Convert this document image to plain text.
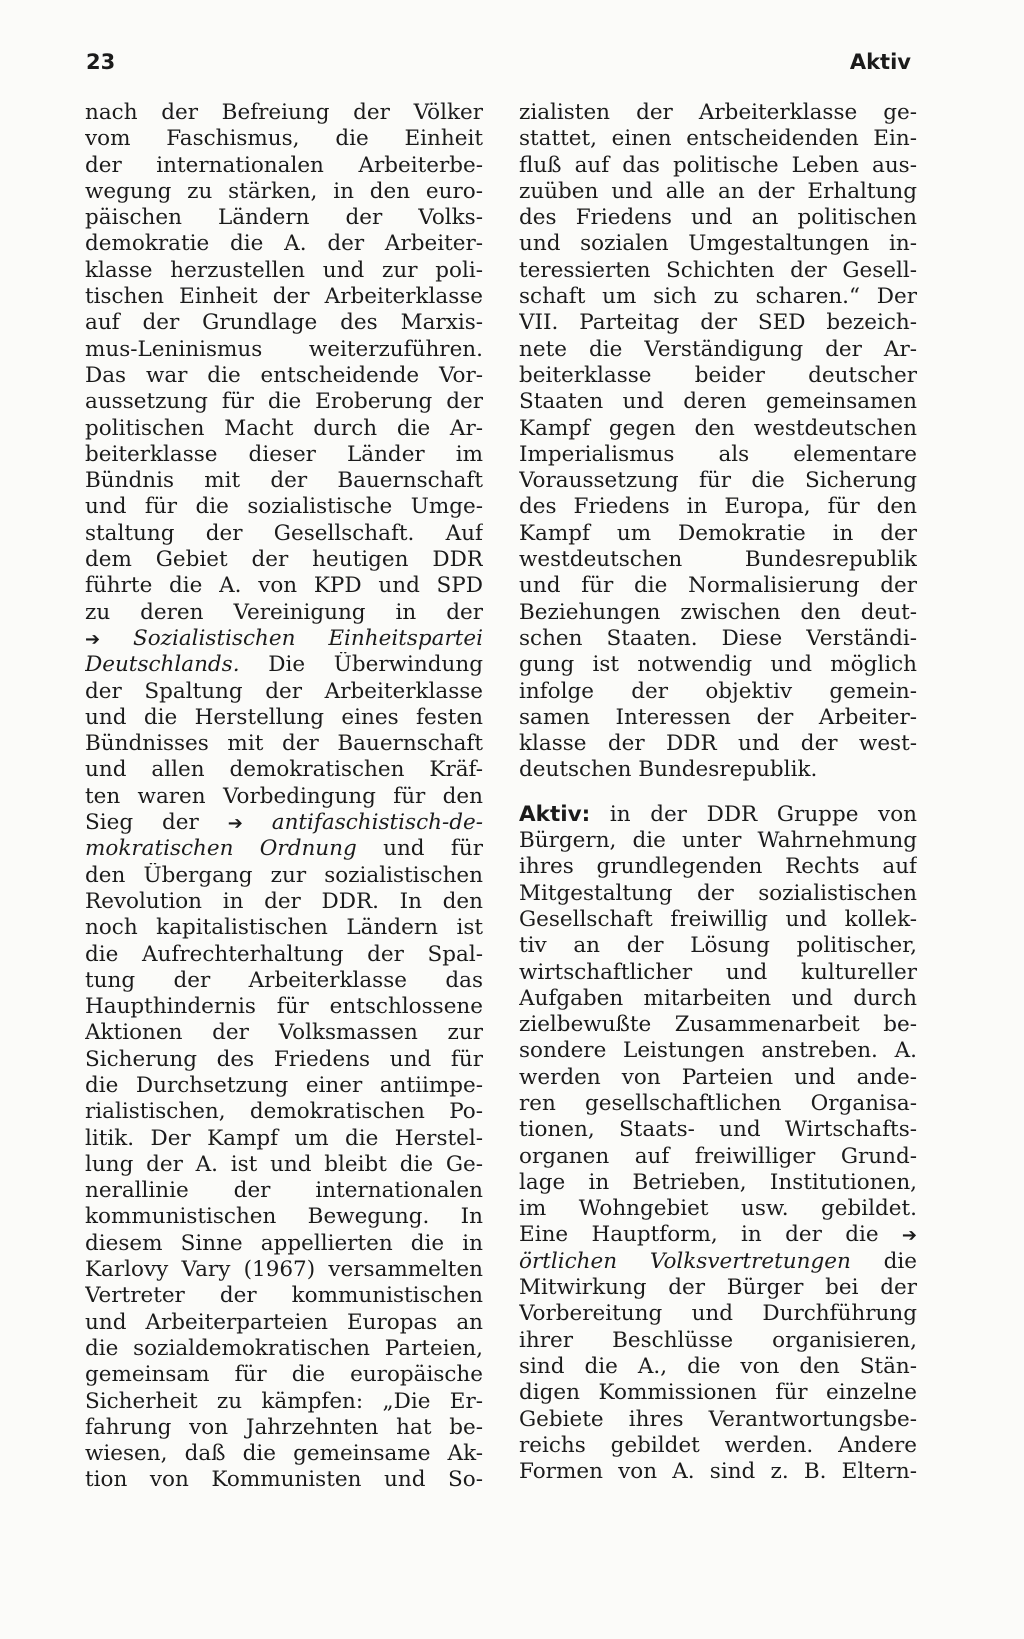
23	Aktiv
nach der Befreiung der Völker
vom Faschismus, die Einheit
der internationalen Arbeiterbe-
wegung zu stärken, in den euro-
päischen Ländern der Volks-
demokratie die A. der Arbeiter-
klasse herzustellen und zur poli-
tischen Einheit der Arbeiterklasse
auf der Grundlage des Marxis-
mus-Leninismus weiterzuführen.
Das war die entscheidende Vor-
aussetzung für die Eroberung der
politischen Macht durch die Ar-
beiterklasse dieser Länder im
Bündnis mit der Bauernschaft
und für die sozialistische Umge-
staltung der Gesellschaft. Auf
dem Gebiet der heutigen DDR
führte die A. von KPD und SPD
zu deren Vereinigung in der
➔ Sozialistischen Einheitspartei
Deutschlands. Die Überwindung
der Spaltung der Arbeiterklasse
und die Herstellung eines festen
Bündnisses mit der Bauernschaft
und allen demokratischen Kräf-
ten waren Vorbedingung für den
Sieg der ➔ antifaschistisch-de-
mokratischen Ordnung und für
den Übergang zur sozialistischen
Revolution in der DDR. In den
noch kapitalistischen Ländern ist
die Aufrechterhaltung der Spal-
tung der Arbeiterklasse das
Haupthindernis für entschlossene
Aktionen der Volksmassen zur
Sicherung des Friedens und für
die Durchsetzung einer antiimpe-
rialistischen, demokratischen Po-
litik. Der Kampf um die Herstel-
lung der A. ist und bleibt die Ge-
nerallinie der internationalen
kommunistischen Bewegung. In
diesem Sinne appellierten die in
Karlovy Vary (1967) versammelten
Vertreter der kommunistischen
und Arbeiterparteien Europas an
die sozialdemokratischen Parteien,
gemeinsam für die europäische
Sicherheit zu kämpfen: „Die Er-
fahrung von Jahrzehnten hat be-
wiesen, daß die gemeinsame Ak-
tion von Kommunisten und So-
zialisten der Arbeiterklasse ge-
stattet, einen entscheidenden Ein-
fluß auf das politische Leben aus-
zuüben und alle an der Erhaltung
des Friedens und an politischen
und sozialen Umgestaltungen in-
teressierten Schichten der Gesell-
schaft um sich zu scharen.“ Der
VII. Parteitag der SED bezeich-
nete die Verständigung der Ar-
beiterklasse beider deutscher
Staaten und deren gemeinsamen
Kampf gegen den westdeutschen
Imperialismus als elementare
Voraussetzung für die Sicherung
des Friedens in Europa, für den
Kampf um Demokratie in der
westdeutschen Bundesrepublik
und für die Normalisierung der
Beziehungen zwischen den deut-
schen Staaten. Diese Verständi-
gung ist notwendig und möglich
infolge der objektiv gemein-
samen Interessen der Arbeiter-
klasse der DDR und der west-
deutschen Bundesrepublik.
Aktiv: in der DDR Gruppe von
Bürgern, die unter Wahrnehmung
ihres grundlegenden Rechts auf
Mitgestaltung der sozialistischen
Gesellschaft freiwillig und kollek-
tiv an der Lösung politischer,
wirtschaftlicher und kultureller
Aufgaben mitarbeiten und durch
zielbewußte Zusammenarbeit be-
sondere Leistungen anstreben. A.
werden von Parteien und ande-
ren gesellschaftlichen Organisa-
tionen, Staats- und Wirtschafts-
organen auf freiwilliger Grund-
lage in Betrieben, Institutionen,
im Wohngebiet usw. gebildet.
Eine Hauptform, in der die ➔
örtlichen Volksvertretungen die
Mitwirkung der Bürger bei der
Vorbereitung und Durchführung
ihrer Beschlüsse organisieren,
sind die A., die von den Stän-
digen Kommissionen für einzelne
Gebiete ihres Verantwortungsbe-
reichs gebildet werden. Andere
Formen von A. sind z. B. Eltern-
